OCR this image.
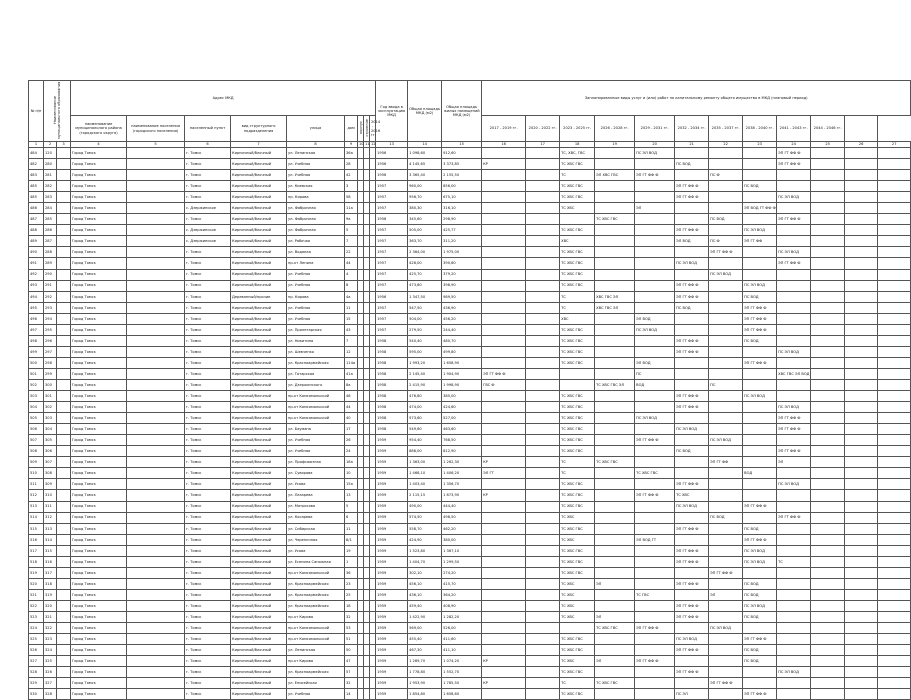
№ п/п	Наименование муниципального образования		Адрес МКД									Год ввода в эксплуатацию МКД	Общая площадь МКД (м2)	Общая площадь жилых помещений МКД (м2)	Запланированные виды услуг и (или) работ по капитальному ремонту общего имущества в МКД (плановый период)											
			наименование муниципального района (городского округа)	наименование поселения (городского поселения)	населенный пункт	вид структурного подразделения	улица	дом	корпус	строение	2014 - 2016 гг.				2017 - 2019 гг.	2020 - 2022 гг.	2023 - 2025 гг.	2026 - 2028 гг.	2029 - 2031 гг.	2032 - 2034 гг.	2035 - 2037 гг.	2038 - 2040 гг.	2041 - 2043 гг.	2044 - 2046 гг.		
1	2	3	4	5	6	7	8	9	10	11	12	13	14	15	16	17	18	19	20	21	22	23	24	25	26	27
484	120		Город Томск		г. Томск	Кирпичный/блочный	ул. Ленинская	36а				1956	1 098,60	912,60			ТС, ХВС, ГВС		ПС ЭЛ ВОД				ЭП ГТ ФФ Ф			
482	280		Город Томск		г. Томск	Кирпичный/блочный	ул. Учебная	28				1956	4 145,65	3 373,85	КР		ТС ХВС ГВС			ПС ВОД			ЭП ГТ ФФ Ф			
483	281		Город Томск		г. Томск	Кирпичный/блочный	ул. Учебная	42				1956	3 365,40	2 155,50			ТС	ЭЛ ХВС ГВС	ЭП ГТ ФФ Ф		ПС Ф					
485	282		Город Томск		г. Томск	Кирпичный/блочный	ул. Киевская	3				1957	960,00	856,00			ТС ХВС ГВС			ЭП ГТ ФФ Ф		ПС ВОД				
485	283		Город Томск		г. Томск	Кирпичный/блочный	пр. Кирова	58				1957	956,70	675,10			ТС ХВС ГВС			ЭП ГТ ФФ Ф			ПС ЭЛ ВОД			
486	284		Город Томск		с. Дзержинское	Кирпичный/блочный	ул. Фабричная	11а				1957	380,30	316,10			ТС ХВС		ЭЛ			ЭП ВОД ГТ ФФ Ф				
487	285		Город Томск		г. Томск	Кирпичный/блочный	ул. Фабричная	9а				1956	345,60	298,90				ТС ХВС ГВС			ПС ВОД		ЭП ГТ ФФ Ф			
488	286		Город Томск		с. Дзержинское	Кирпичный/блочный	ул. Фабричная	5				1957	505,00	425,77			ТС ХВС ГВС			ЭП ГТ ФФ Ф		ПС ЭЛ ВОД				
489	287		Город Томск		с. Дзержинское	Кирпичный/блочный	ул. Рабочая	7				1957	363,70	311,20			ХВС			ЭЛ ВОД	ПС Ф	ЭП ГТ ФФ				
490	288		Город Томск		г. Томск	Кирпичный/блочный	ул. Водяная	22				1957	2 364,00	1 975,00			ТС ХВС ГВС				ЭП ГТ ФФ Ф		ПС ЭЛ ВОД			
491	289		Город Томск		г. Томск	Кирпичный/блочный	пр-кт Ленина	44				1957	428,00	390,60			ТС ХВС ГВС			ПС ЭЛ ВОД			ЭП ГТ ФФ Ф			
492	290		Город Томск		г. Томск	Кирпичный/блочный	ул. Учебная	4				1957	425,70	379,20			ТС ХВС ГВС				ПС ЭЛ ВОД					
493	291		Город Томск		г. Томск	Кирпичный/блочный	ул. Учебная	8				1957	473,80	398,90			ТС ХВС ГВС			ЭП ГТ ФФ Ф		ПС ЭЛ ВОД				
494	292		Город Томск		г. Томск	Деревянный/прочие	пр. Кирова	4а				1956	1 347,50	989,50			ТС	ХВС ГВС ЭЛ		ЭП ГТ ФФ Ф		ПС ВОД				
495	293		Город Томск		г. Томск	Кирпичный/блочный	ул. Учебная	11				1957	547,50	436,90			ТС	ХВС ГВС ЭЛ		ПС ВОД		ЭП ГТ ФФ Ф				
496	294		Город Томск		г. Томск	Кирпичный/блочный	ул. Учебная	15				1957	504,00	456,20			ХВС		ЭЛ ВОД			ЭП ГТ ФФ Ф				
497	295		Город Томск		г. Томск	Кирпичный/блочный	ул. Пролетарская	43				1957	279,50	244,40			ТС ХВС ГВС		ПС ЭЛ ВОД			ЭП ГТ ФФ Ф				
498	296		Город Томск		г. Томск	Кирпичный/блочный	ул. Никитина	7				1958	540,40	480,70			ТС ХВС ГВС			ЭП ГТ ФФ Ф		ПС ВОД				
499	297		Город Томск		г. Томск	Кирпичный/блочный	ул. Шевченко	12				1958	595,00	499,80			ТС ХВС ГВС			ЭП ГТ ФФ Ф			ПС ЭЛ ВОД			
500	298		Город Томск		г. Томск	Кирпичный/блочный	ул. Красноармейская	114а				1958	1 993,20	1 658,90			ТС ХВС ГВС		ЭЛ ВОД			ЭП ГТ ФФ Ф				
501	299		Город Томск		г. Томск	Кирпичный/блочный	ул. Татарская	41а				1958	2 145,40	1 904,90	ЭП ГТ ФФ Ф				ПС				ХВС ГВС ЭЛ ВОД			
502	300		Город Томск		г. Томск	Кирпичный/блочный	ул. Дзержинского	8а				1958	2 415,90	1 998,90	ГВС Ф			ТС ХВС ГВС ЭЛ	ВОД		ПС					
503	301		Город Томск		г. Томск	Кирпичный/блочный	пр-кт Комсомольский	48				1958	476,80	385,00			ТС ХВС ГВС			ЭП ГТ ФФ Ф		ПС ЭЛ ВОД				
504	302		Город Томск		г. Томск	Кирпичный/блочный	пр-кт Комсомольский	44				1958	474,00	424,60			ТС ХВС ГВС			ЭП ГТ ФФ Ф			ПС ЭЛ ВОД			
505	303		Город Томск		г. Томск	Кирпичный/блочный	пр-кт Комсомольский	40				1958	573,60	527,00			ТС ХВС ГВС		ПС ЭЛ ВОД				ЭП ГТ ФФ Ф			
506	304		Город Томск		г. Томск	Кирпичный/блочный	ул. Баумана	17				1958	549,60	463,60			ТС ХВС ГВС			ПС ЭЛ ВОД			ЭП ГТ ФФ Ф			
507	305		Город Томск		г. Томск	Кирпичный/блочный	ул. Учебная	26				1959	954,40	768,50			ТС ХВС ГВС		ЭП ГТ ФФ Ф		ПС ЭЛ ВОД					
508	306		Город Томск		г. Томск	Кирпичный/блочный	ул. Учебная	24				1959	886,00	812,90			ТС ХВС ГВС			ПС ВОД			ЭП ГТ ФФ Ф			
509	307		Город Томск		г. Томск	Кирпичный/блочный	ул. Профсоюзная	18а				1959	1 363,00	1 262,30	КР		ТС	ТС ХВС ГВС			ЭП ГТ ФФ		ЭЛ			
510	308		Город Томск		г. Томск	Кирпичный/блочный	ул. Суворова	10				1959	1 468,10	1 406,20	ЭЛ ГТ		ТС		ТС ХВС ГВС			ВОД				
511	309		Город Томск		г. Томск	Кирпичный/блочный	ул. Усова	15а				1959	1 403,40	1 356,70			ТС ХВС ГВС			ЭП ГТ ФФ Ф			ПС ЭЛ ВОД			
512	310		Город Томск		г. Томск	Кирпичный/блочный	ул. Лазарева	13				1959	2 115,15	1 873,90	КР		ТС ХВС ГВС		ЭП ГТ ФФ Ф	ТС ХВС						
513	311		Город Томск		г. Томск	Кирпичный/блочный	ул. Матросова	5				1959	490,00	444,40			ТС ХВС ГВС			ПС ЭЛ ВОД		ЭП ГТ ФФ Ф				
514	312		Город Томск		г. Томск	Кирпичный/блочный	ул. Косарева	6				1959	574,50	498,50			ТС ХВС				ПС ВОД		ЭП ГТ ФФ Ф			
515	313		Город Томск		г. Томск	Кирпичный/блочный	ул. Сибирская	11				1959	558,70	462,20			ТС ХВС ГВС			ЭП ГТ ФФ Ф		ПС ВОД				
516	314		Город Томск		г. Томск	Кирпичный/блочный	ул. Черепичная	8/1				1959	424,90	380,00			ТС ХВС		ЭЛ ВОД ГТ			ЭП ГТ ФФ Ф				
517	315		Город Томск		г. Томск	Кирпичный/блочный	ул. Усова	19				1959	1 523,80	1 367,10			ТС ХВС ГВС			ЭП ГТ ФФ Ф		ПС ЭЛ ВОД				
518	316		Город Томск		г. Томск	Кирпичный/блочный	ул. Есенина Сапожная	1				1959	1 404,70	1 299,50			ТС ХВС ГВС			ЭП ГТ ФФ Ф		ПС ЭЛ ВОД	ТС			
519	317		Город Томск		г. Томск	Кирпичный/блочный	пр-кт Комсомольский	36				1959	302,10	274,20			ТС ХВС ГВС				ЭП ГТ ФФ Ф					
520	318		Город Томск		г. Томск	Кирпичный/блочный	ул. Красноармейская	23				1959	456,10	415,70			ТС ХВС	ЭЛ		ЭП ГТ ФФ Ф		ПС ВОД				
521	319		Город Томск		г. Томск	Кирпичный/блочный	ул. Красноармейская	25				1959	436,10	364,20			ТС ХВС		ТС ГВС		ЭЛ	ПС ВОД				
522	320		Город Томск		г. Томск	Кирпичный/блочный	ул. Красноармейская	18				1959	459,40	408,90			ТС ХВС			ЭП ГТ ФФ Ф		ПС ЭЛ ВОД				
523	321		Город Томск		г. Томск	Кирпичный/блочный	пр-кт Кирова	32				1959	1 422,90	1 282,20			ТС ХВС	ЭЛ		ЭП ГТ ФФ Ф		ПС ВОД				
524	322		Город Томск		г. Томск	Кирпичный/блочный	пр-кт Комсомольский	53				1959	569,00	526,00				ТС ХВС ГВС	ЭП ГТ ФФ Ф		ПС ЭЛ ВОД					
525	323		Город Томск		г. Томск	Кирпичный/блочный	пр-кт Комсомольский	51				1959	455,40	411,60			ТС ХВС ГВС			ПС ЭЛ ВОД		ЭП ГТ ФФ Ф				
526	324		Город Томск		г. Томск	Кирпичный/блочный	ул. Ленинская	50				1959	467,30	411,10			ТС ХВС ГВС			ЭП ГТ ФФ Ф		ПС ВОД				
527	325		Город Томск		г. Томск	Кирпичный/блочный	пр-кт Кирова	47				1959	1 289,70	1 074,20	КР		ТС ХВС	ЭЛ	ЭП ГТ ФФ Ф			ПС ВОД				
528	326		Город Томск		г. Томск	Кирпичный/блочный	ул. Красноармейская	57				1959	1 778,80	1 552,70			ТС ХВС ГВС			ЭП ГТ ФФ Ф			ПС ЭЛ ВОД			
529	327		Город Томск		г. Томск	Кирпичный/блочный	ул. Енисейская	32				1959	1 953,90	1 785,50	КР		ТС	ТС ХВС ГВС			ЭП ГТ ФФ Ф					
530	328		Город Томск		г. Томск	Кирпичный/блочный	ул. Учебная	14				1959	1 854,80	1 658,60			ТС ХВС ГВС			ПС ЭЛ		ЭП ГТ ФФ Ф				
